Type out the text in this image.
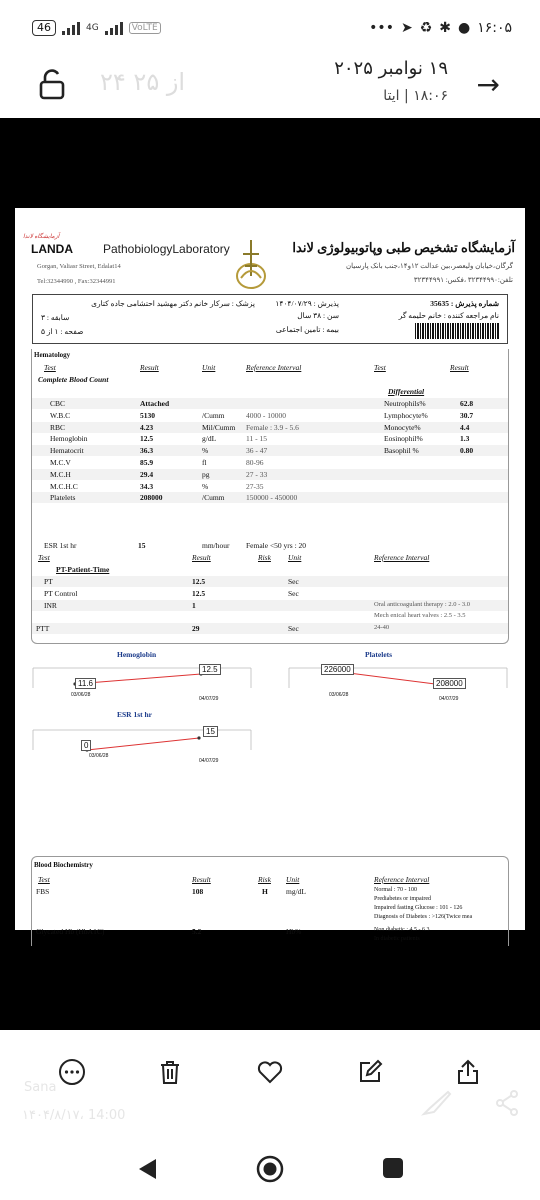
46	4G	VoLTE	••• ➤ ♻ ✱ ● ۱۶:۰۵
۲۴ از ۲۵	۱۹ نوامبر ۲۰۲۵
۱۸:۰۶ | ایتا →
آزمایشگاه لاندا
LANDA	PathobiologyLaboratory
Gorgan, Valiasr Street, Edalat14
Tel:32344990 , Fax:32344991
آزمایشگاه تشخیص طبی وپاتوبیولوژی لاندا
گرگان،خیابان ولیعصر،بین عدالت ۱۲و۱۴،جنب بانک پارسیان
تلفن:۳۲۳۴۴۹۹۰ ،فکس: ۳۲۳۴۴۹۹۱
شماره پذیرش : 35635
پذیرش : ۱۴۰۴/۰۷/۲۹
پزشک : سرکار خانم دکتر مهشید احتشامی جاده کتاری
نام مراجعه کننده : خانم حلیمه گر
سن : ۳۸ سال
بیمه : تامین اجتماعی
سابقه : ۳
صفحه : ۱ از ۵
Hematology
Test	Result	Unit	Reference Interval	Test	Result
Complete Blood Count
Differential
CBC	Attached
W.B.C	5130	/Cumm	4000 - 10000
RBC	4.23	Mil/Cumm Female : 3.9 - 5.6
Hemoglobin	12.5	g/dL	11 - 15
Hematocrit	36.3	%	36 - 47
M.C.V	85.9	fl	80-96
M.C.H	29.4	pg	27 - 33
M.C.H.C	34.3	%	27-35
Platelets	208000	/Cumm	150000 - 450000
Neutrophils%	62.8
Lymphocyte%	30.7
Monocyte%	4.4
Eosinophil%	1.3
Basophil %	0.80
ESR 1st hr	15	mm/hour Female <50 yrs : 20
Test	Result	Risk Unit	Reference Interval
PT-Patient-Time
PT	12.5	Sec
PT Control	12.5	Sec
INR	1	Oral anticoagulant therapy : 2.0 - 3.0
Mech enical heart valves : 2.5 - 3.5
PTT	29	Sec	24-40
Hemoglobin	Platelets
ESR 1st hr
11.6
12.5	226000
208000
0
15
03/06/28
04/07/29
03/06/28
04/07/29
03/06/28
04/07/29
Blood Biochemistry
Test	Result	Risk Unit	Reference Interval
FBS	108	H mg/dL	Normal : 70 - 100
Prediabetes or impaired
Impaired fasting Glucose : 101 - 126
Diagnosis of Diabetes : >126(Twice mea
Glycated Hb (HbA1C)	5.2	Hb%	Non diabetic : 4.5 - 6.3
In diabetic patients
Sana
۱۴۰۴/۸/۱۷، 14:00
